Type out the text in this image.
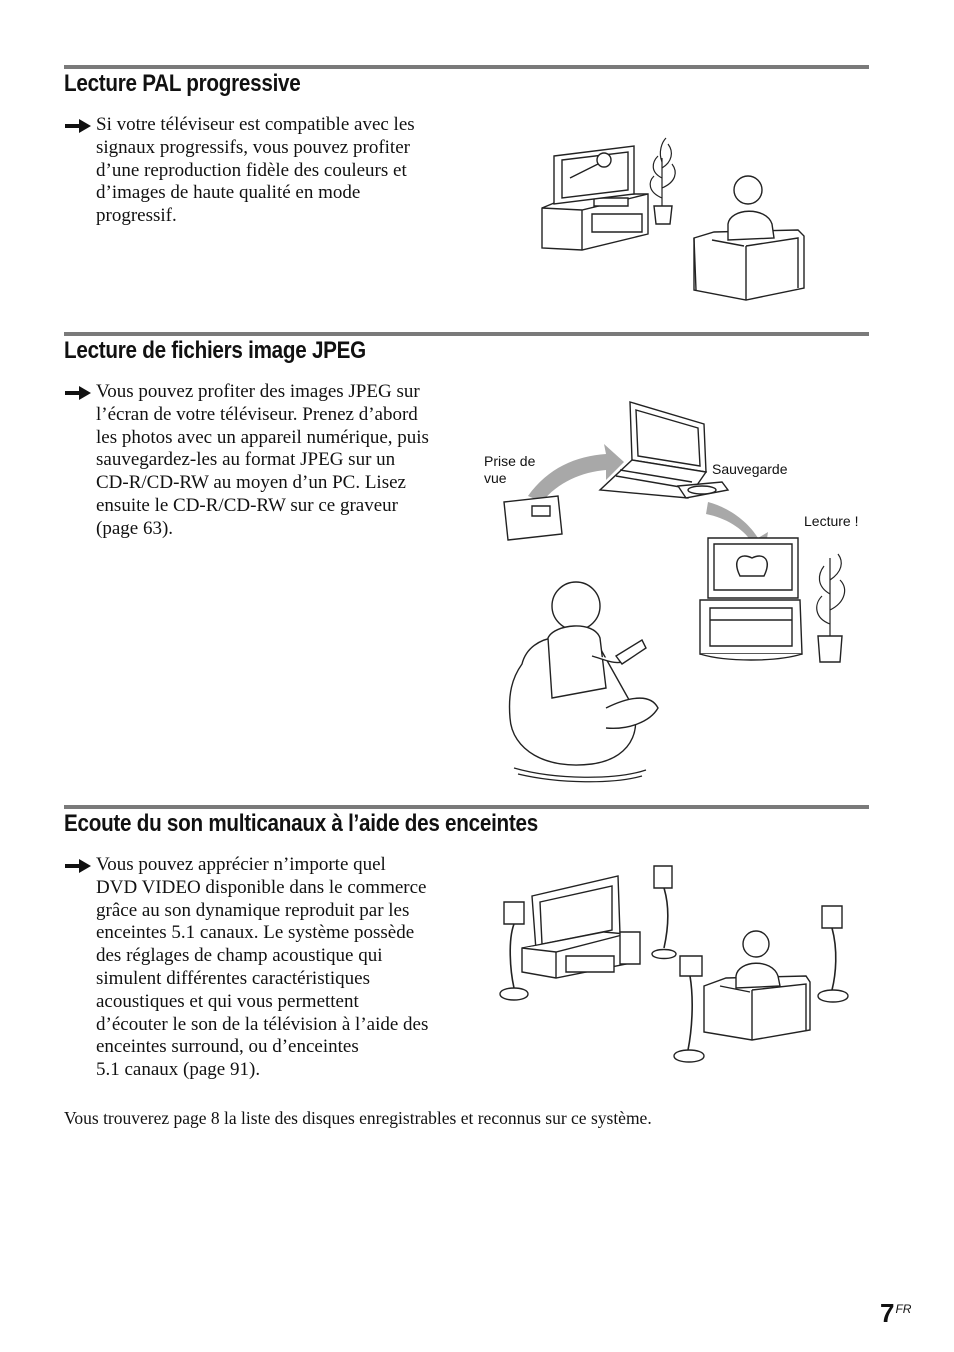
Lecture PAL progressive

Si votre téléviseur est compatible avec les
signaux progressifs, vous pouvez profiter
d’une reproduction fidèle des couleurs et
d’images de haute qualité en mode
progressif.

Lecture de fichiers image JPEG

Vous pouvez profiter des images JPEG sur
l’écran de votre téléviseur. Prenez d’abord
les photos avec un appareil numérique, puis
sauvegardez-les au format JPEG sur un
CD-R/CD-RW au moyen d’un PC. Lisez
ensuite le CD-R/CD-RW sur ce graveur
(page 63).

Prise de
vue

Sauvegarde

Lecture !

Ecoute du son multicanaux à l’aide des enceintes

Vous pouvez apprécier n’importe quel
DVD VIDEO disponible dans le commerce
grâce au son dynamique reproduit par les
enceintes 5.1 canaux. Le système possède
des réglages de champ acoustique qui
simulent différentes caractéristiques
acoustiques et qui vous permettent
d’écouter le son de la télévision à l’aide des
enceintes surround, ou d’enceintes
5.1 canaux (page 91).

Vous trouverez page 8 la liste des disques enregistrables et reconnus sur ce système.

$7^{FR}$
